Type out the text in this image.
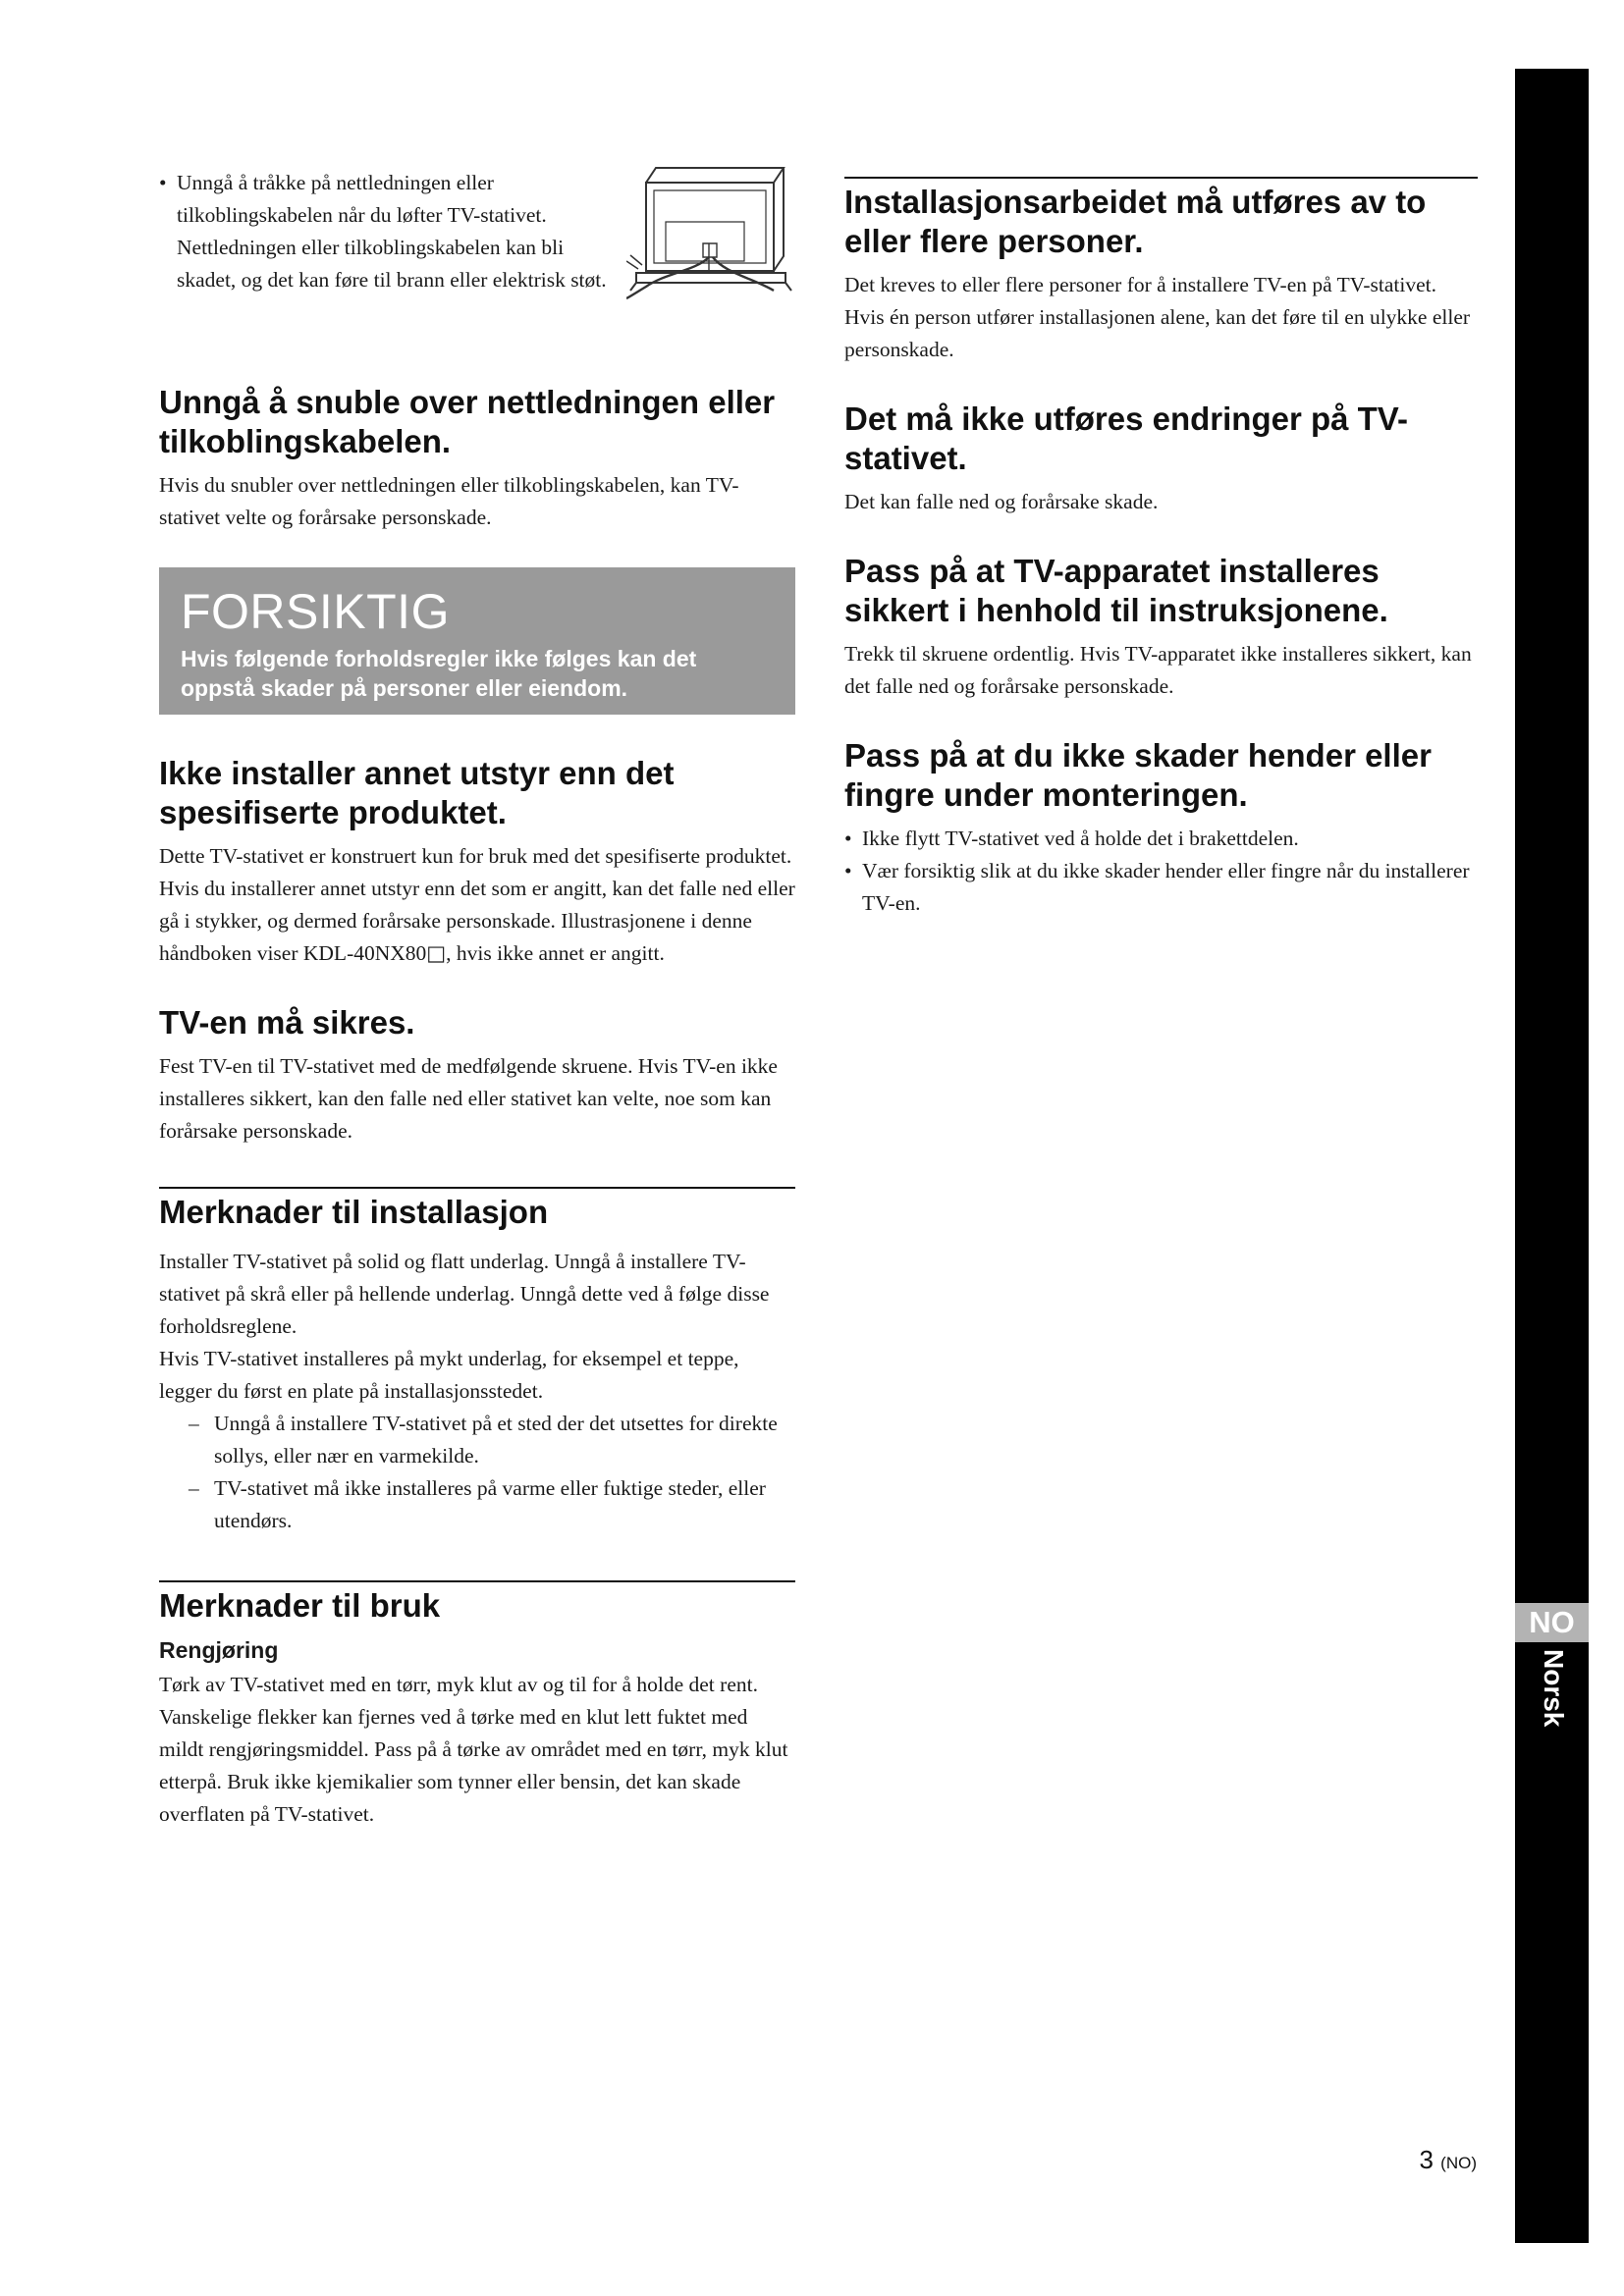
• Unngå å tråkke på nettledningen eller tilkoblingskabelen når du løfter TV-stativet. Nettledningen eller tilkoblingskabelen kan bli skadet, og det kan føre til brann eller elektrisk støt.
Unngå å snuble over nettledningen eller tilkoblingskabelen.

Hvis du snubler over nettledningen eller tilkoblingskabelen, kan TV-stativet velte og forårsake personskade.

FORSIKTIG

Hvis følgende forholdsregler ikke følges kan det oppstå skader på personer eller eiendom.

Ikke installer annet utstyr enn det spesifiserte produktet.

Dette TV-stativet er konstruert kun for bruk med det spesifiserte produktet. Hvis du installerer annet utstyr enn det som er angitt, kan det falle ned eller gå i stykker, og dermed forårsake personskade. Illustrasjonene i denne håndboken viser KDL-40NX80□, hvis ikke annet er angitt.

TV-en må sikres.

Fest TV-en til TV-stativet med de medfølgende skruene. Hvis TV-en ikke installeres sikkert, kan den falle ned eller stativet kan velte, noe som kan forårsake personskade.

Merknader til installasjon

Installer TV-stativet på solid og flatt underlag. Unngå å installere TV-stativet på skrå eller på hellende underlag. Unngå dette ved å følge disse forholdsreglene.

Hvis TV-stativet installeres på mykt underlag, for eksempel et teppe, legger du først en plate på installasjonsstedet.

– Unngå å installere TV-stativet på et sted der det utsettes for direkte sollys, eller nær en varmekilde.
– TV-stativet må ikke installeres på varme eller fuktige steder, eller utendørs.
Merknader til bruk
Rengjøring

Tørk av TV-stativet med en tørr, myk klut av og til for å holde det rent. Vanskelige flekker kan fjernes ved å tørke med en klut lett fuktet med mildt rengjøringsmiddel. Pass på å tørke av området med en tørr, myk klut etterpå. Bruk ikke kjemikalier som tynner eller bensin, det kan skade overflaten på TV-stativet.

Installasjonsarbeidet må utføres av to eller flere personer.

Det kreves to eller flere personer for å installere TV-en på TV-stativet. Hvis én person utfører installasjonen alene, kan det føre til en ulykke eller personskade.

Det må ikke utføres endringer på TV-stativet.

Det kan falle ned og forårsake skade.

Pass på at TV-apparatet installeres sikkert i henhold til instruksjonene.

Trekk til skruene ordentlig. Hvis TV-apparatet ikke installeres sikkert, kan det falle ned og forårsake personskade.

Pass på at du ikke skader hender eller fingre under monteringen.
• Ikke flytt TV-stativet ved å holde det i brakettdelen.
• Vær forsiktig slik at du ikke skader hender eller fingre når du installerer TV-en.
NO
Norsk
3 (NO)
